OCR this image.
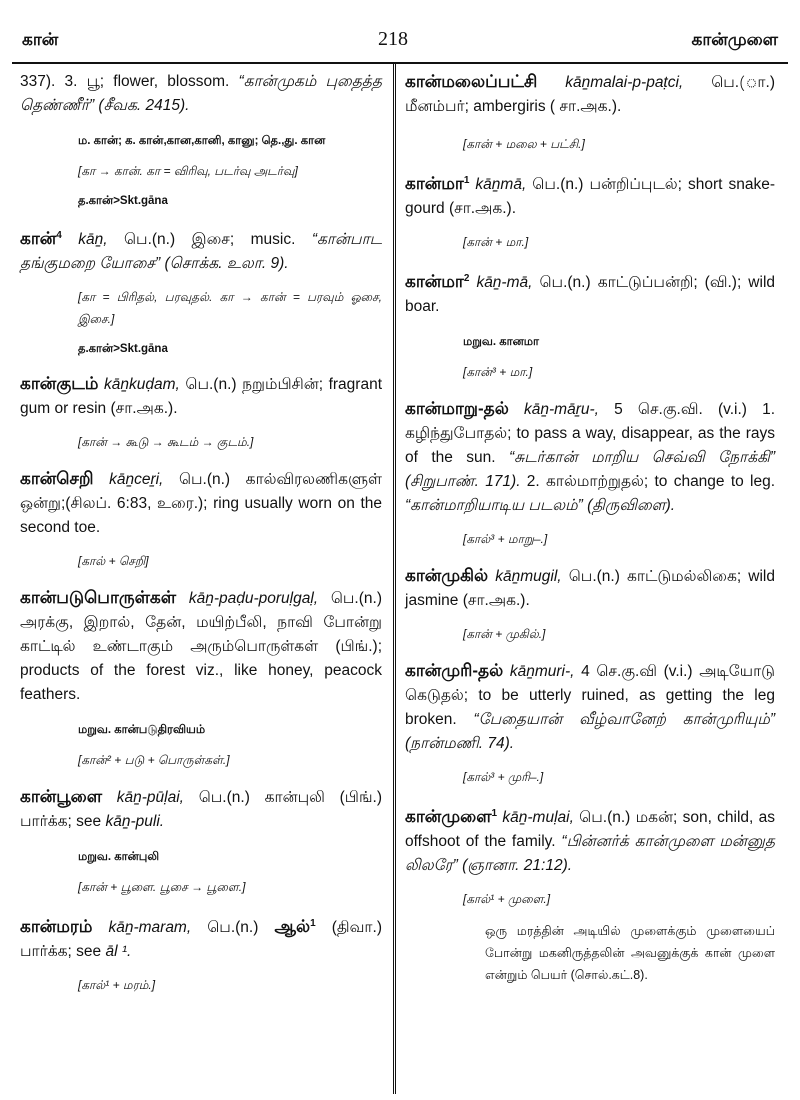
கான்	218	கான்முளை

337). 3. பூ; flower, blossom. “கான்முகம் புதைத்த தெண்ணீர்” (சீவக. 2415).

ம. கான்; க. கான்,கான,கானி, கானு; தெ.,து. கான

[கா → கான். கா = விரிவு, படர்வு அடர்வு]

த.கான்>Skt.gāna

கான்$^4$ kāṉ, பெ.(n.) இசை; music. “கான்பாட தங்குமறை யோசை” (சொக்க. உலா. 9).

[கா = பிரிதல், பரவுதல். கா → கான் = பரவும் ஓசை, இசை.]

த.கான்>Skt.gāna

கான்குடம் kāṉkuḍam, பெ.(n.) நறும்பிசின்; fragrant gum or resin (சா.அக.).

[கான் → கூடு → கூடம் → குடம்.]

கான்செறி kāṉceṟi, பெ.(n.) கால்விரலணிகளுள் ஒன்று;(சிலப். 6:83, உரை.); ring usually worn on the second toe.

[கால் + செறி]

கான்படுபொருள்கள் kāṉ-paḍu-poruḷgaḷ, பெ.(n.) அரக்கு, இறால், தேன், மயிற்பீலி, நாவி போன்று காட்டில் உண்டாகும் அரும்பொருள்கள் (பிங்.); products of the forest viz., like honey, peacock feathers.

மறுவ. கான்படுதிரவியம்

[கான்² + படு + பொருள்கள்.]

கான்பூளை kāṉ-pūḷai, பெ.(n.) கான்புலி (பிங்.) பார்க்க; see kāṉ-puli.

மறுவ. கான்புலி

[கான் + பூளை. பூசை → பூளை.]

கான்மரம் kāṉ-maram, பெ.(n.) ஆல்$^1$ (திவா.) பார்க்க; see āl ¹.

[கால்¹ + மரம்.]

கான்மலைப்பட்சி kāṉmalai-p-paṭci, பெ.(ா.) மீனம்பர்; ambergiris ( சா.அக.).

[கான் + மலை + பட்சி.]

கான்மா$^1$ kāṉmā, பெ.(n.) பன்றிப்புடல்; short snake-gourd (சா.அக.).

[கான் + மா.]

கான்மா$^2$ kāṉ-mā, பெ.(n.) காட்டுப்பன்றி; (வி.); wild boar.

மறுவ. கானமா

[கான்³ + மா.]

கான்மாறு-தல் kāṉ-māṟu-, 5 செ.கு.வி. (v.i.) 1. கழிந்துபோதல்; to pass a way, disappear, as the rays of the sun. “சுடர்கான் மாறிய செவ்வி நோக்கி” (சிறுபாண். 171). 2. கால்மாற்றுதல்; to change to leg. “கான்மாறியாடிய படலம்” (திருவிளை).

[கால்³ + மாறு–.]

கான்முகில் kāṉmugil, பெ.(n.) காட்டுமல்லிகை; wild jasmine (சா.அக.).

[கான் + முகில்.]

கான்முரி-தல் kāṉmuri-, 4 செ.கு.வி (v.i.) அடியோடு கெடுதல்; to be utterly ruined, as getting the leg broken. “பேதையான் வீழ்வானேற் கான்முரியும்” (நான்மணி. 74).

[கால்³ + முரி–.]

கான்முளை$^1$ kāṉ-muḷai, பெ.(n.) மகன்; son, child, as offshoot of the family. “பின்னர்க் கான்முளை மன்னுத லிலரே” (ஞானா. 21:12).

[கால்¹ + முளை.]

ஒரு மரத்தின் அடியில் முளைக்கும் முளையைப் போன்று மகனிருத்தலின் அவனுக்குக் கான் முளை என்றும் பெயர் (சொல்.கட்.8).
